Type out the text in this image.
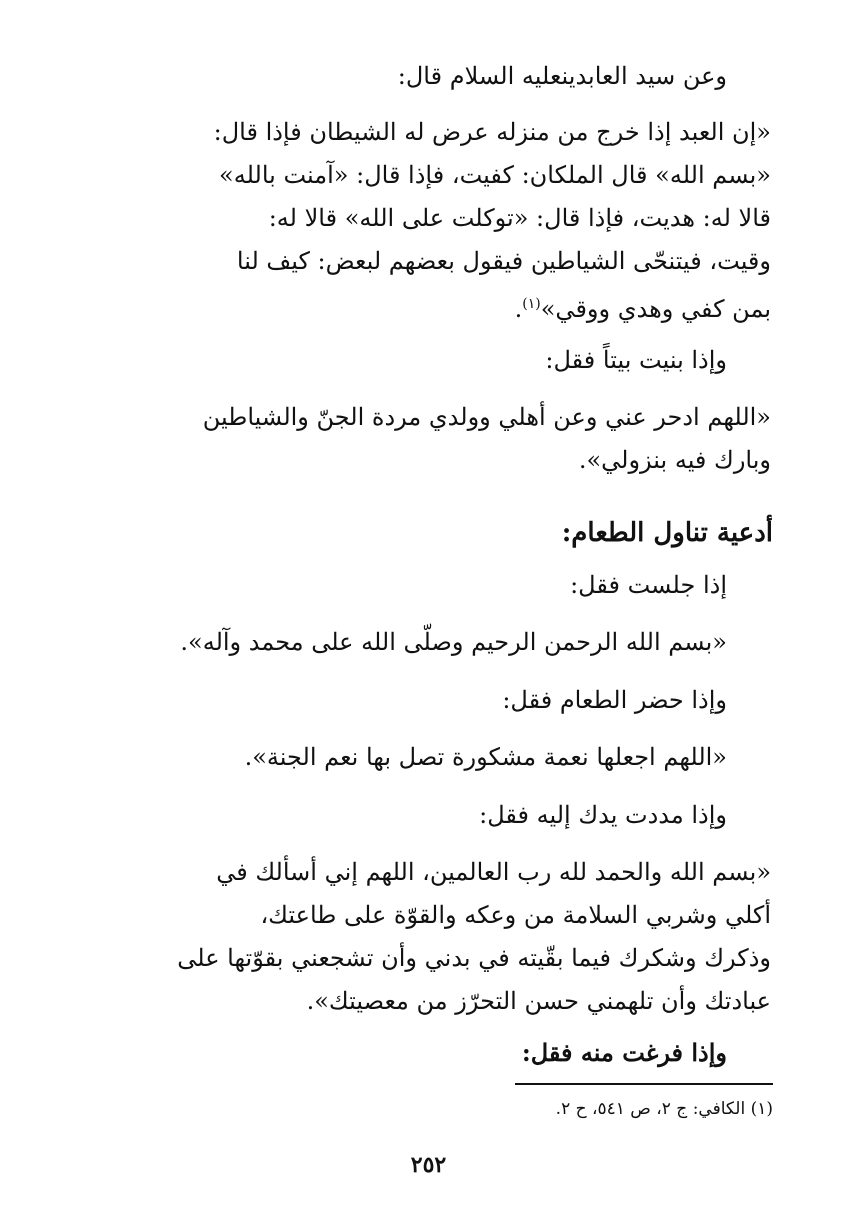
وعن سيد العابدينعليه السلام قال:
«إن العبد إذا خرج من منزله عرض له الشيطان فإذا قال:
«بسم الله» قال الملكان: كفيت، فإذا قال: «آمنت بالله»
قالا له: هديت، فإذا قال: «توكلت على الله» قالا له:
وقيت، فيتنحّى الشياطين فيقول بعضهم لبعض: كيف لنا
بمن كفي وهدي ووقي»$^{(١)}$.
وإذا بنيت بيتاً فقل:
«اللهم ادحر عني وعن أهلي وولدي مردة الجنّ والشياطين
وبارك فيه بنزولي».
أدعية تناول الطعام:
إذا جلست فقل:
«بسم الله الرحمن الرحيم وصلّى الله على محمد وآله».
وإذا حضر الطعام فقل:
«اللهم اجعلها نعمة مشكورة تصل بها نعم الجنة».
وإذا مددت يدك إليه فقل:
«بسم الله والحمد لله رب العالمين، اللهم إني أسألك في
أكلي وشربي السلامة من وعكه والقوّة على طاعتك،
وذكرك وشكرك فيما بقّيته في بدني وأن تشجعني بقوّتها على
عبادتك وأن تلهمني حسن التحرّز من معصيتك».
وإذا فرغت منه فقل:
(١) الكافي: ج ٢، ص ٥٤١، ح ٢.
٢٥٢
